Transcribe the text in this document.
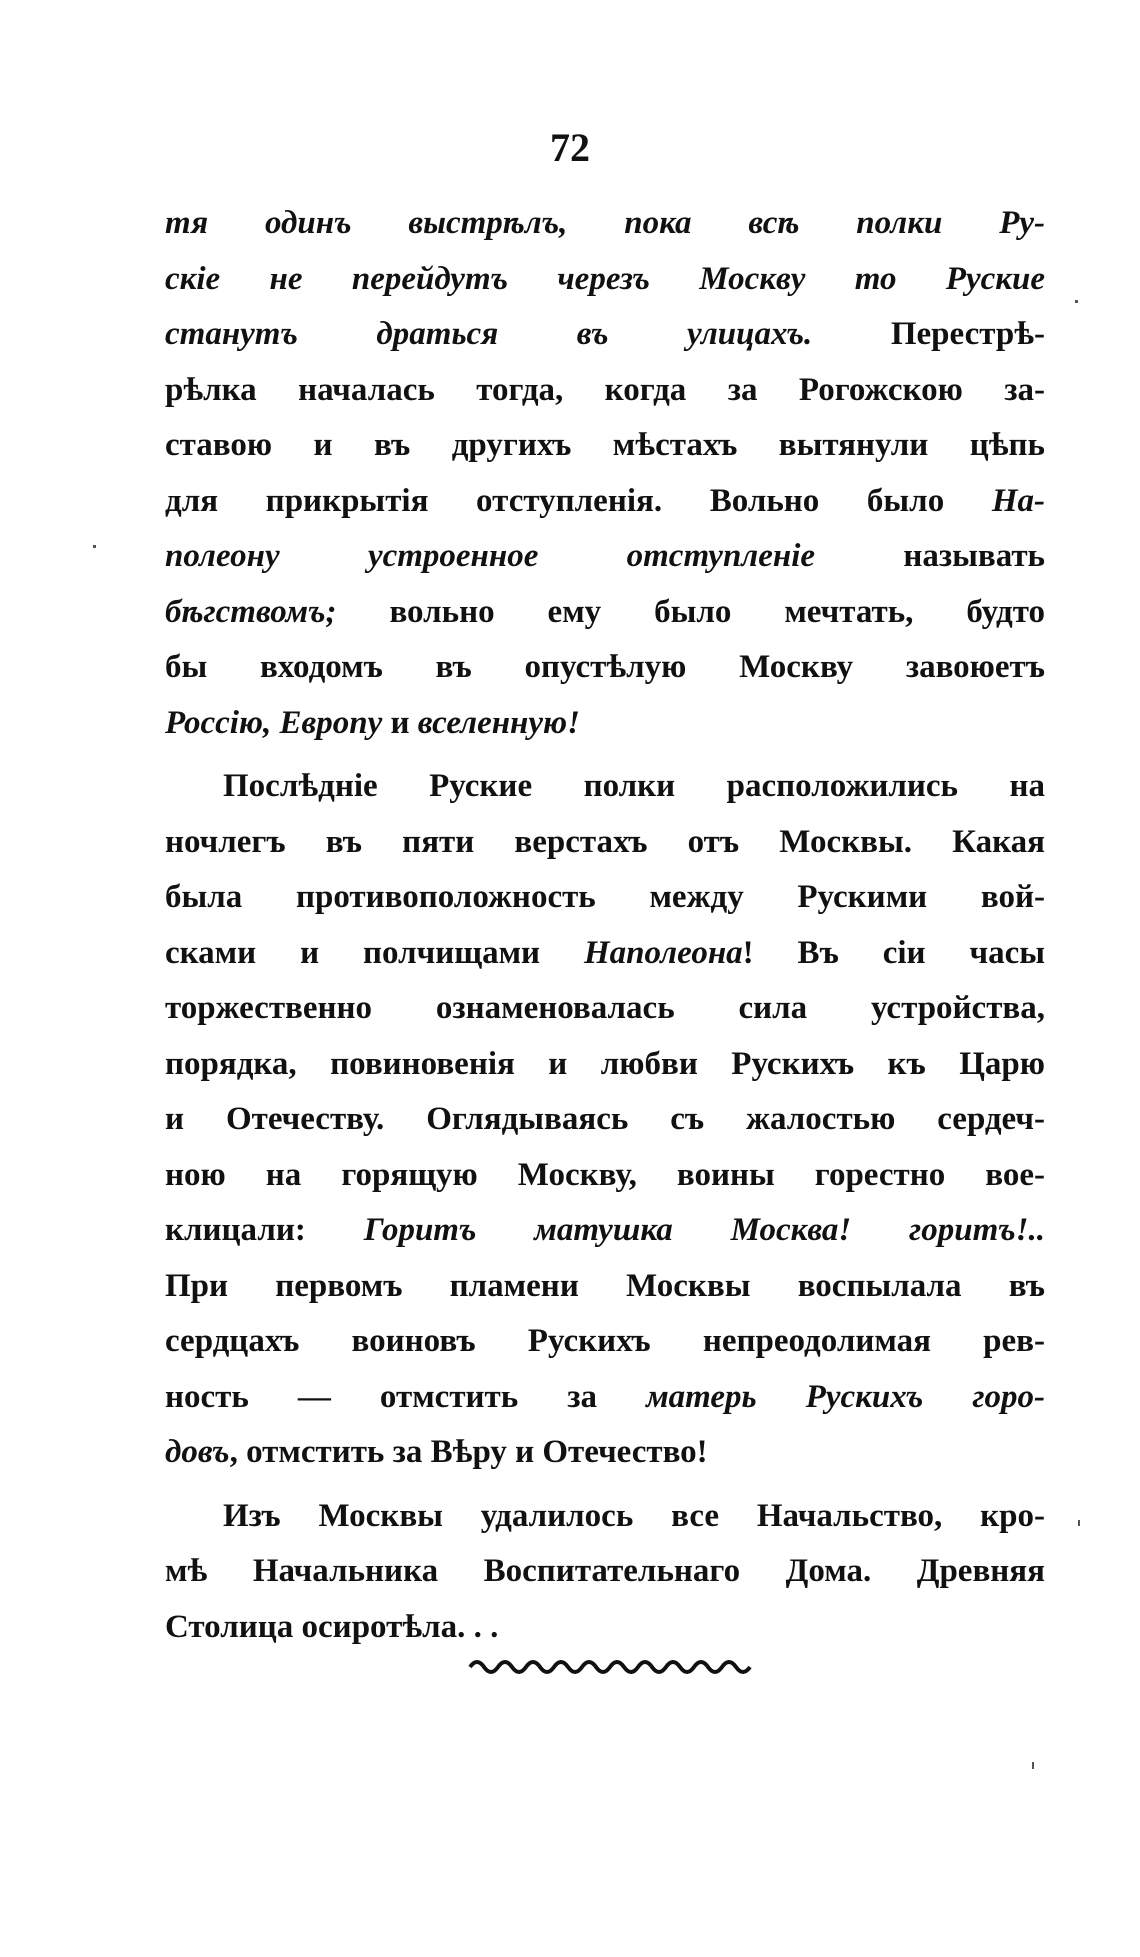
72
тя одинъ выстрѣлъ, пока всѣ полки Ру-
скіе не перейдутъ черезъ Москву то Руские
станутъ драться въ улицахъ. Перестрѣ-
рѣлка началась тогда, когда за Рогожскою за-
ставою и въ другихъ мѣстахъ вытянули цѣпь
для прикрытія отступленія. Вольно было На-
полеону устроенное отступленіе называть
бѣгствомъ; вольно ему было мечтать, будто
бы входомъ въ опустѣлую Москву завоюетъ
Россію, Европу и вселенную!
Послѣдніе Руские полки расположились на
ночлегъ въ пяти верстахъ отъ Москвы. Какая
была противоположность между Рускими вой-
сками и полчищами Наполеона! Въ сіи часы
торжественно ознаменовалась сила устройства,
порядка, повиновенія и любви Рускихъ къ Царю
и Отечеству. Оглядываясь съ жалостью сердеч-
ною на горящую Москву, воины горестно вое-
клицали: Горитъ матушка Москва! горитъ!..
При первомъ пламени Москвы воспылала въ
сердцахъ воиновъ Рускихъ непреодолимая рев-
ность — отмстить за матерь Рускихъ горо-
довъ, отмстить за Вѣру и Отечество!
Изъ Москвы удалилось все Начальство, кро-
мѣ Начальника Воспитательнаго Дома. Древняя
Столица осиротѣла. . .
